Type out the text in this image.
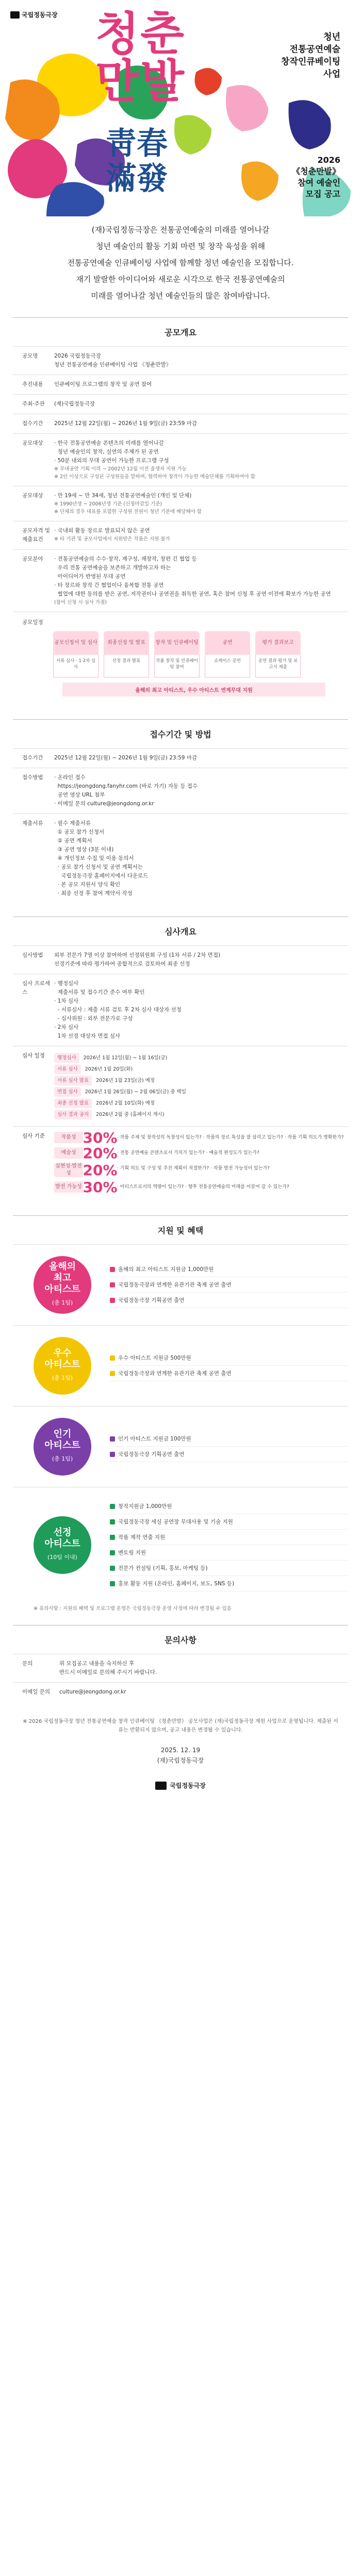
국립정동극장 청춘
만발
청년
전통공연예술
창작인큐베이팅
사업
靑春
滿發
2026
《청춘만발》
참여 예술인
모집 공고

(재)국립정동극장은 전통공연예술의 미래를 열어나갈

청년 예술인의 활동 기회 마련 및 창작 육성을 위해

전통공연예술 인큐베이팅 사업에 함께할 청년 예술인을 모집합니다.

재기 발랄한 아이디어와 새로운 시각으로 한국 전통공연예술의

미래를 열어나갈 청년 예술인들의 많은 참여바랍니다.

공모개요
공모명	2026 국립정동극장

청년 전통공연예술 인큐베이팅 사업 《청춘만발》

추진내용	인큐베이팅 프로그램의 창작 및 공연 참여

주최·주관	(재)국립정동극장

접수기간	2025년 12월 22일(월) ~ 2026년 1월 9일(금) 23:59 마감

공모대상	· 한국 전통공연예술 콘텐츠의 미래를 열어나갈

청년 예술인의 창작, 실연의 주체가 된 공연

· 50분 내외의 무대 공연이 가능한 프로그램 구성

※ 무대공연 기획 이력 ~ 2002년 12월 이전 출생자 지원 가능

※ 2인 이상으로 구성된 구성원들을 말하며, 협력하여 창작이 가능한 예술단체를 기획하여야 함

공모대상	· 만 19세 ~ 만 34세, 청년 전통공연예술인 (개인 및 단체)

※ 1990년생 ~ 2006년생 기준 (신청마감일 기준)

※ 단체의 경우 대표를 포함한 구성원 전원이 청년 기준에 해당해야 함

공모자격 및 제출요건

· 국내외 활동 장르로 발표되지 않은 공연

※ 타 기관 및 공모사업에서 지원받은 작품은 지원 불가

공모분야	· 전통공연예술의 수수·창작, 재구성, 재창작, 창편 긴 협업 등

우리 전통 공연예술을 보존하고 개발하고자 하는

아이디어가 반영된 무대 공연

· 타 장르와 창작 간 협업이나 융복합 전통 공연

협업에 대한 동의를 받은 공연, 저작권이나 공연권을 취득한 공연, 혹은 참여 신청 후 공연 이전에 확보가 가능한 공연

(참여 신청 시 심사 가점)

공모일정
공모신청서 및 심사
서류 심사 · 1·2차 심사
최종선정 및 발표
선정 결과 발표
창작 및 인큐베이팅
작품 창작 및 인큐베이팅 참여
공연
쇼케이스 공연
평가 결과보고
공연 결과 평가 및 보고서 제출
올해의 최고 아티스트, 우수 아티스트 연계무대 지원
접수기간 및 방법
접수기간	2025년 12월 22일(월) ~ 2026년 1월 9일(금) 23:59 마감

접수방법	· 온라인 접수

https://jeongdong.fanyhr.com (바로 가기) 자동 등 접수

공연 영상 URL 첨부

· 이메일 문의 culture@jeongdong.or.kr

제출서류	· 필수 제출서류

① 공모 참가 신청서

② 공연 계획서

③ 공연 영상 (3분 이내)

④ 개인정보 수집 및 이용 동의서

· 공모 참가 신청서 및 공연 계획서는

국립정동극장 홈페이지에서 다운로드

· 본 공모 지원서 양식 확인

· 최종 선정 후 참여 계약서 작성

심사개요
심사방법	외부 전문가 7명 이상 참여하여 선정위원회 구성 (1차 서류 / 2차 면접)

선정기준에 따라 평가하여 종합적으로 검토하여 최종 선정

심사 프로세스

· 행정심사

제출서류 및 접수기간 준수 여부 확인

· 1차 심사

- 서류심사 : 제출 서류 검토 후 2차 심사 대상자 선정

- 심사위원 : 외부 전문가로 구성

· 2차 심사

1차 선정 대상자 면접 심사

심사 일정	행정심사	2026년 1월 12일(월) ~ 1월 16일(금)
서류 심사	2026년 1월 20일(화)
서류 심사 발표	2026년 1월 23일(금) 예정
면접 심사	2026년 1월 26일(월) ~ 2월 06일(금) 중 택일
최종 선정 발표	2026년 2월 10일(화) 예정
심사 결과 공지	2026년 2월 중 (홈페이지 게시)
심사 기준	작품성 30% · 작품 주제 및 창작성의 독창성이 있는가? · 작품의 장르 특성을 잘 살리고 있는가? · 작품 기획 의도가 명확한가?
예술성 20% · 전통 공연예술 콘텐츠로서 가치가 있는가? · 예술적 완성도가 있는가?
실현성·발전성 20% · 기획 의도 및 구성 및 추진 계획이 적절한가? · 작품 발전 가능성이 있는가?
발전 가능성 30% · 아티스트로서의 역량이 있는가? · 향후 전통공연예술의 미래를 이끌어 갈 수 있는가?
지원 및 혜택
올해의
최고
아티스트
(총 1팀)
올해의 최고 아티스트 지원금 1,000만원
국립정동극장과 연계한 유관기관 축제 공연 출연
국립정동극장 기획공연 출연
우수
아티스트
(총 1팀)
우수 아티스트 지원금 500만원
국립정동극장과 연계한 유관기관 축제 공연 출연
인기
아티스트
(총 1팀)
인기 아티스트 지원금 100만원
국립정동극장 기획공연 출연
선정
아티스트
(10팀 이내)
창작지원금 1,000만원
국립정동극장 세실 공연장 무대사용 및 기술 지원
작품 제작 연출 지원
멘토링 지원
전문가 컨설팅 (기획, 홍보, 마케팅 등)
홍보 활동 지원 (온라인, 홈페이지, 보도, SNS 등)
※ 유의사항 : 지원의 혜택 및 프로그램 운영은 국립정동극장 운영 사정에 따라 변경될 수 있음
문의사항
문의	위 모집공고 내용을 숙지하신 후

반드시 이메일로 문의해 주시기 바랍니다.

이메일 문의	culture@jeongdong.or.kr

※ 2026 국립정동극장 청년 전통공연예술 창작 인큐베이팅 《청춘만발》 공모사업은 (재)국립정동극장 재원 사업으로 운영됩니다. 제출된 서류는 반환되지 않으며, 공고 내용은 변경될 수 있습니다.
2025. 12. 19
(재)국립정동극장
국립정동극장
